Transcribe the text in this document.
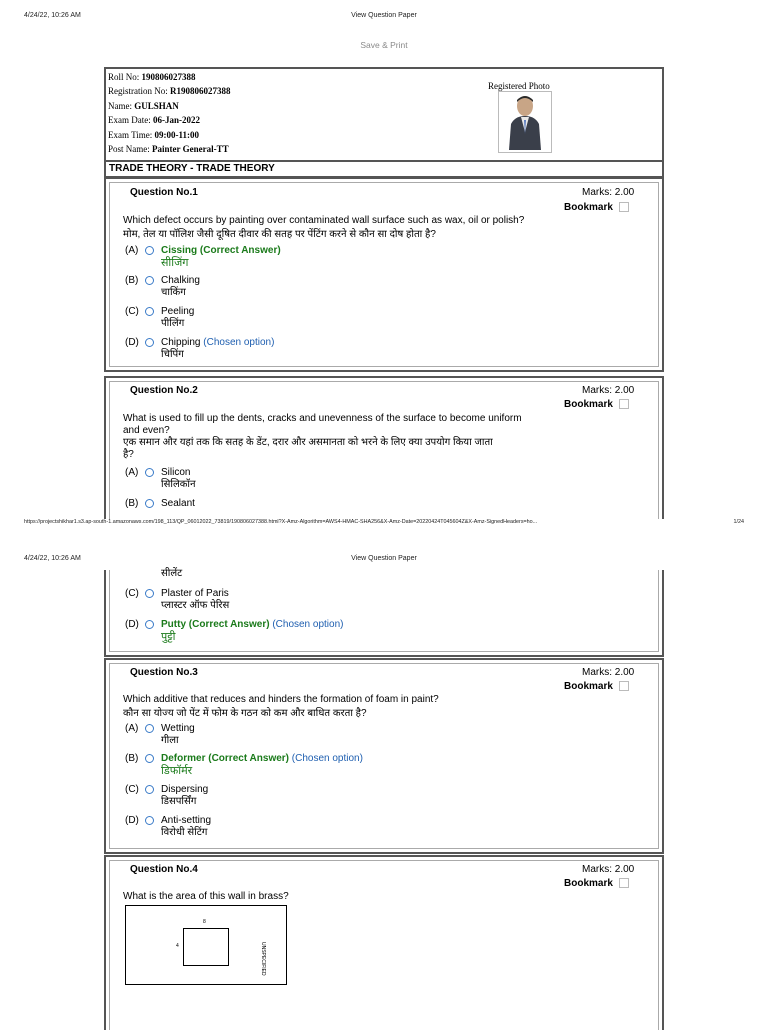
4/24/22, 10:26 AM	View Question Paper
Save & Print
Roll No: 190806027388
Registration No: R190806027388
Name: GULSHAN
Exam Date: 06-Jan-2022
Exam Time: 09:00-11:00
Post Name: Painter General-TT
Registered Photo
TRADE THEORY - TRADE THEORY
Question No.1	Marks: 2.00
Bookmark
Which defect occurs by painting over contaminated wall surface such as wax, oil or polish?
मोम, तेल या पॉलिश जैसी दूषित दीवार की सतह पर पेंटिंग करने से कौन सा दोष होता है?
(A) Cissing (Correct Answer)
सीजिंग
(B) Chalking
चाकिंग
(C) Peeling
पीलिंग
(D) Chipping (Chosen option)
चिपिंग
Question No.2	Marks: 2.00
Bookmark
What is used to fill up the dents, cracks and unevenness of the surface to become uniform
and even?
एक समान और यहां तक कि सतह के डेंट, दरार और असमानता को भरने के लिए क्या उपयोग किया जाता
है?
(A) Silicon
सिलिकॉन
(B) Sealant
https://projectshikhar1.s3.ap-south-1.amazonaws.com/198_113/QP_06012022_73819/190806027388.html?X-Amz-Algorithm=AWS4-HMAC-SHA256&X-Amz-Date=20220424T045604Z&X-Amz-SignedHeaders=ho...	1/24
4/24/22, 10:26 AM	View Question Paper
सीलेंट
(C) Plaster of Paris
प्लास्टर ऑफ पेरिस
(D) Putty (Correct Answer) (Chosen option)
पुट्टी
Question No.3	Marks: 2.00
Bookmark
Which additive that reduces and hinders the formation of foam in paint?
कौन सा योज्य जो पेंट में फोम के गठन को कम और बाधित करता है?
(A) Wetting
गीला
(B) Deformer (Correct Answer) (Chosen option)
डिफॉर्मर
(C) Dispersing
डिसपर्सिंग
(D) Anti-setting
विरोधी सेटिंग
Question No.4	Marks: 2.00
Bookmark
What is the area of this wall in brass?
8
4	UNSPECIFIED
